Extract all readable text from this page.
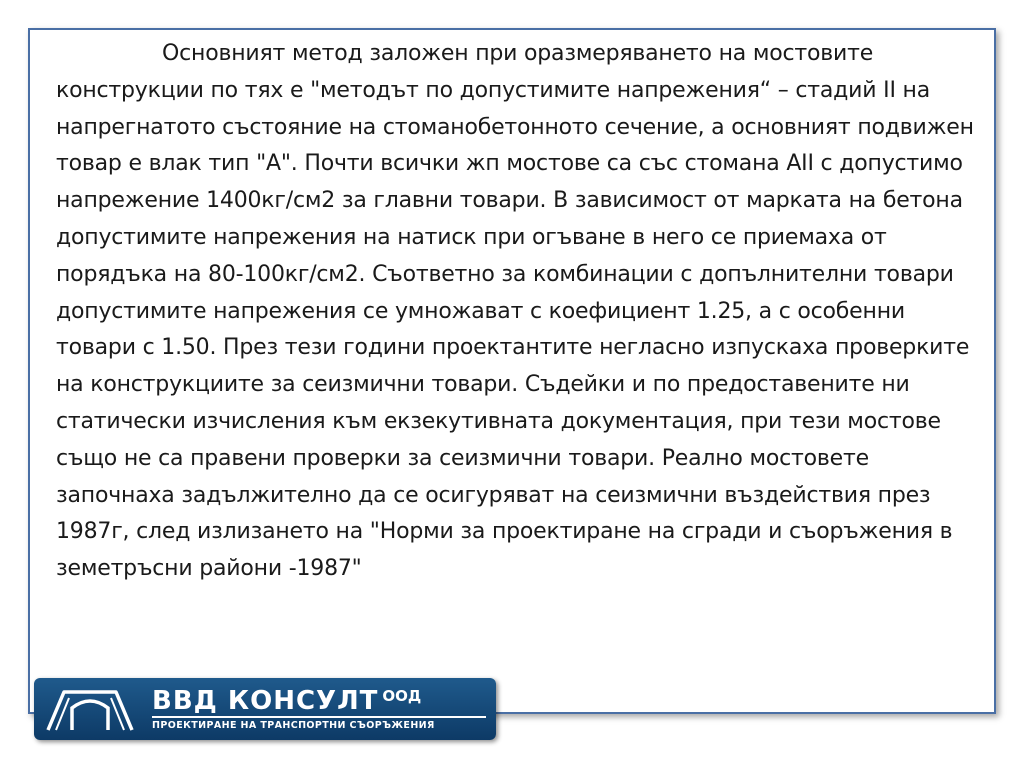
Основният метод заложен при оразмеряването на мостовите конструкции по тях е "методът по допустимите напрежения“ – стадий II на напрегнатото състояние на стоманобетонното сечение, а основният подвижен товар е влак тип "А". Почти всички жп мостове са със стомана AII с допустимо напрежение 1400кг/см2 за главни товари. В зависимост от марката на бетона допустимите напрежения на натиск при огъване в него се приемаха от порядъка на 80-100кг/см2. Съответно за комбинации с допълнителни товари допустимите напрежения се умножават с коефициент 1.25, а с особенни товари с 1.50. През тези години проектантите негласно изпускаха проверките на конструкциите за сеизмични товари. Съдейки и по предоставените ни статически изчисления към екзекутивната документация, при тези мостове също не са правени проверки за сеизмични товари. Реално мостовете започнаха задължително да се осигуряват на сеизмични въздействия през 1987г, след излизането на "Норми за проектиране на сгради и съоръжения в земетръсни райони -1987"

ВВД КОНСУЛТ $^{ООД}$
ПРОЕКТИРАНЕ НА ТРАНСПОРТНИ СЪОРЪЖЕНИЯ
